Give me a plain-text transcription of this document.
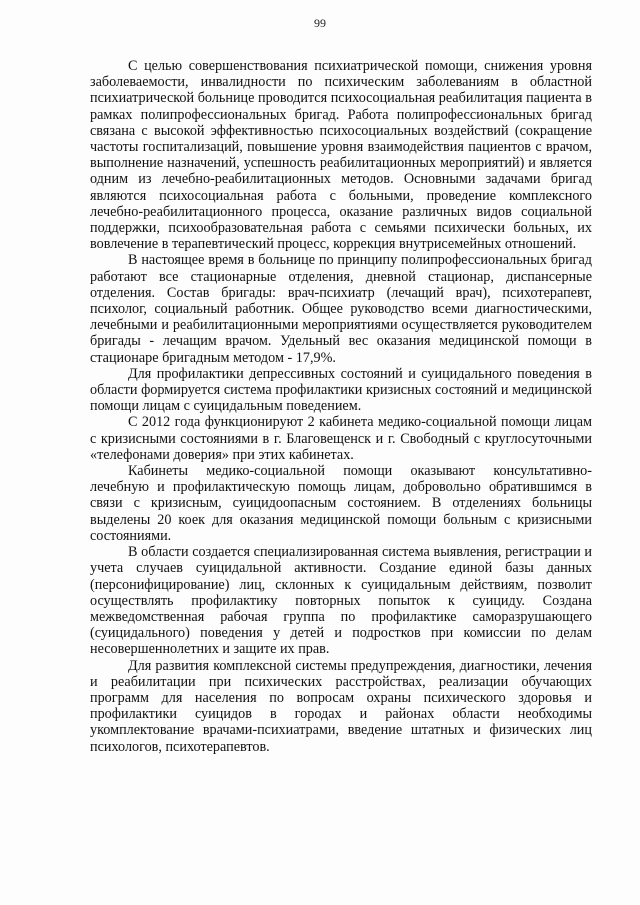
99

С целью совершенствования психиатрической помощи, снижения уровня заболеваемости, инвалидности по психическим заболеваниям в областной психиатрической больнице проводится психосоциальная реабилитация пациента в рамках полипрофессиональных бригад. Работа полипрофессиональных бригад связана с высокой эффективностью психосоциальных воздействий (сокращение частоты госпитализаций, повышение уровня взаимодействия пациентов с врачом, выполнение назначений, успешность реабилитационных мероприятий) и является одним из лечебно-реабилитационных методов. Основными задачами бригад являются психосоциальная работа с больными, проведение комплексного лечебно-реабилитационного процесса, оказание различных видов социальной поддержки, психообразовательная работа с семьями психически больных, их вовлечение в терапевтический процесс, коррекция внутрисемейных отношений.

В настоящее время в больнице по принципу полипрофессиональных бригад работают все стационарные отделения, дневной стационар, диспансерные отделения. Состав бригады: врач-психиатр (лечащий врач), психотерапевт, психолог, социальный работник. Общее руководство всеми диагностическими, лечебными и реабилитационными мероприятиями осуществляется руководителем бригады - лечащим врачом. Удельный вес оказания медицинской помощи в стационаре бригадным методом - 17,9%.

Для профилактики депрессивных состояний и суицидального поведения в области формируется система профилактики кризисных состояний и медицинской помощи лицам с суицидальным поведением.

С 2012 года функционируют 2 кабинета медико-социальной помощи лицам с кризисными состояниями в г. Благовещенск и г. Свободный с круглосуточными «телефонами доверия» при этих кабинетах.

Кабинеты медико-социальной помощи оказывают консультативно-лечебную и профилактическую помощь лицам, добровольно обратившимся в связи с кризисным, суицидоопасным состоянием. В отделениях больницы выделены 20 коек для оказания медицинской помощи больным с кризисными состояниями.

В области создается специализированная система выявления, регистрации и учета случаев суицидальной активности. Создание единой базы данных (персонифицирование) лиц, склонных к суицидальным действиям, позволит осуществлять профилактику повторных попыток к суициду. Создана межведомственная рабочая группа по профилактике саморазрушающего (суицидального) поведения у детей и подростков при комиссии по делам несовершеннолетних и защите их прав.

Для развития комплексной системы предупреждения, диагностики, лечения и реабилитации при психических расстройствах, реализации обучающих программ для населения по вопросам охраны психического здоровья и профилактики суицидов в городах и районах области необходимы укомплектование врачами-психиатрами, введение штатных и физических лиц психологов, психотерапевтов.
